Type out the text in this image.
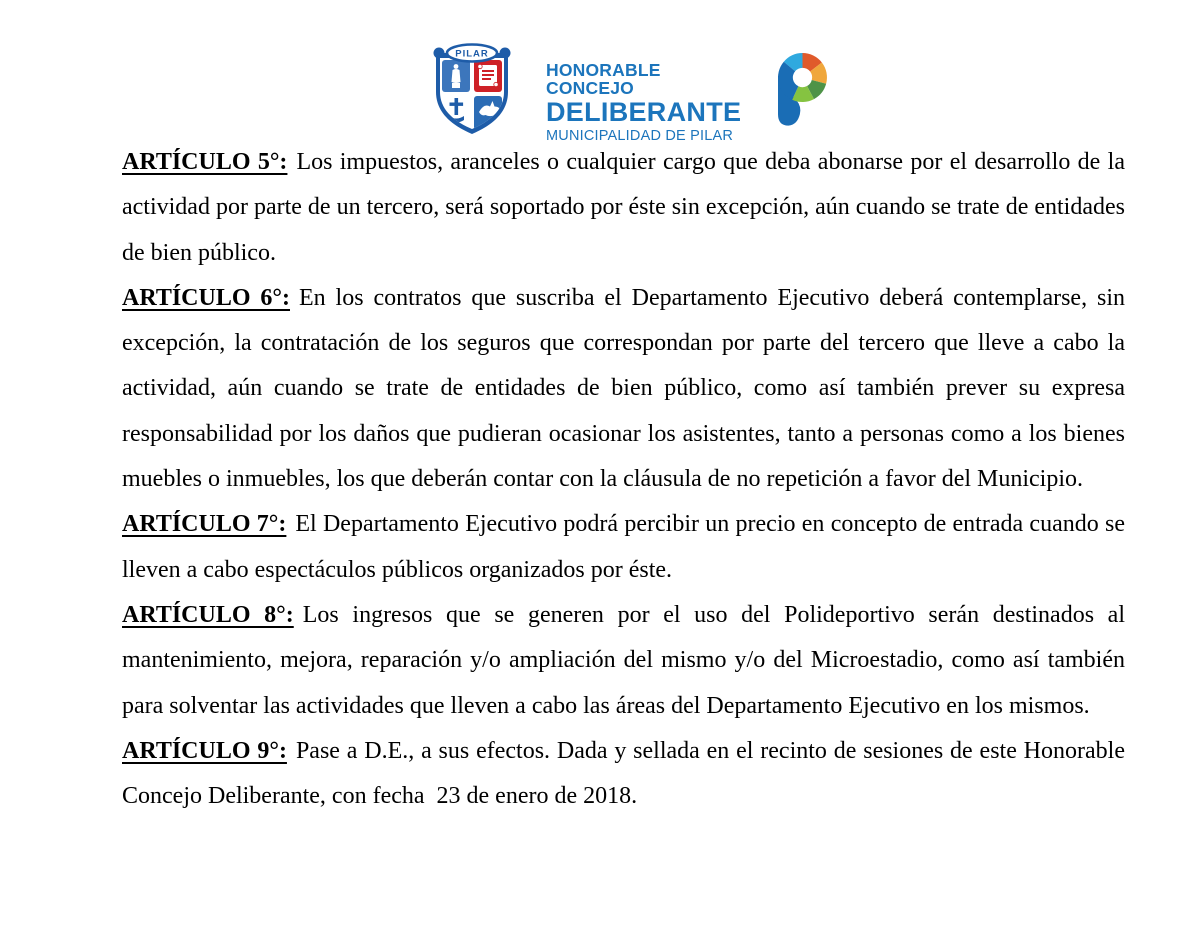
PILAR
HONORABLE CONCEJO
DELIBERANTE
MUNICIPALIDAD DE PILAR

ARTÍCULO 5°: Los impuestos, aranceles o cualquier cargo que deba abonarse por el desarrollo de la actividad por parte de un tercero, será soportado por éste sin excepción, aún cuando se trate de entidades de bien público.

ARTÍCULO 6°: En los contratos que suscriba el Departamento Ejecutivo deberá contemplarse, sin excepción, la contratación de los seguros que correspondan por parte del tercero que lleve a cabo la actividad, aún cuando se trate de entidades de bien público, como así también prever su expresa responsabilidad por los daños que pudieran ocasionar los asistentes, tanto a personas como a los bienes muebles o inmuebles, los que deberán contar con la cláusula de no repetición a favor del Municipio.

ARTÍCULO 7°: El Departamento Ejecutivo podrá percibir un precio en concepto de entrada cuando se lleven a cabo espectáculos públicos organizados por éste.

ARTÍCULO 8°: Los ingresos que se generen por el uso del Polideportivo serán destinados al mantenimiento, mejora, reparación y/o ampliación del mismo y/o del Microestadio, como así también para solventar las actividades que lleven a cabo las áreas del Departamento Ejecutivo en los mismos.

ARTÍCULO 9°: Pase a D.E., a sus efectos. Dada y sellada en el recinto de sesiones de este Honorable Concejo Deliberante, con fecha  23 de enero de 2018.
